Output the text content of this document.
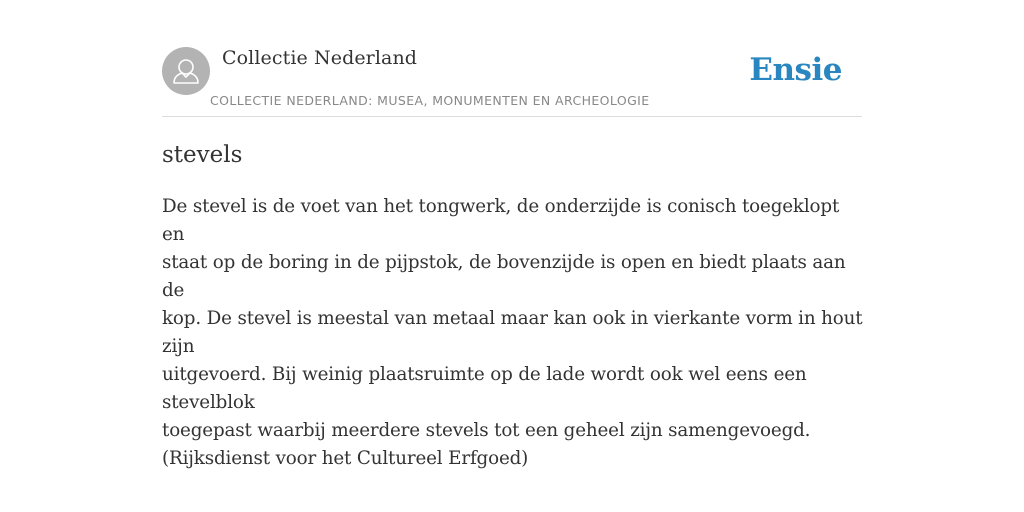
Collectie Nederland
COLLECTIE NEDERLAND: MUSEA, MONUMENTEN EN ARCHEOLOGIE
Ensie
stevels

De stevel is de voet van het tongwerk, de onderzijde is conisch toegeklopt en
staat op de boring in de pijpstok, de bovenzijde is open en biedt plaats aan de
kop. De stevel is meestal van metaal maar kan ook in vierkante vorm in hout zijn
uitgevoerd. Bij weinig plaatsruimte op de lade wordt ook wel eens een stevelblok
toegepast waarbij meerdere stevels tot een geheel zijn samengevoegd.
(Rijksdienst voor het Cultureel Erfgoed)
